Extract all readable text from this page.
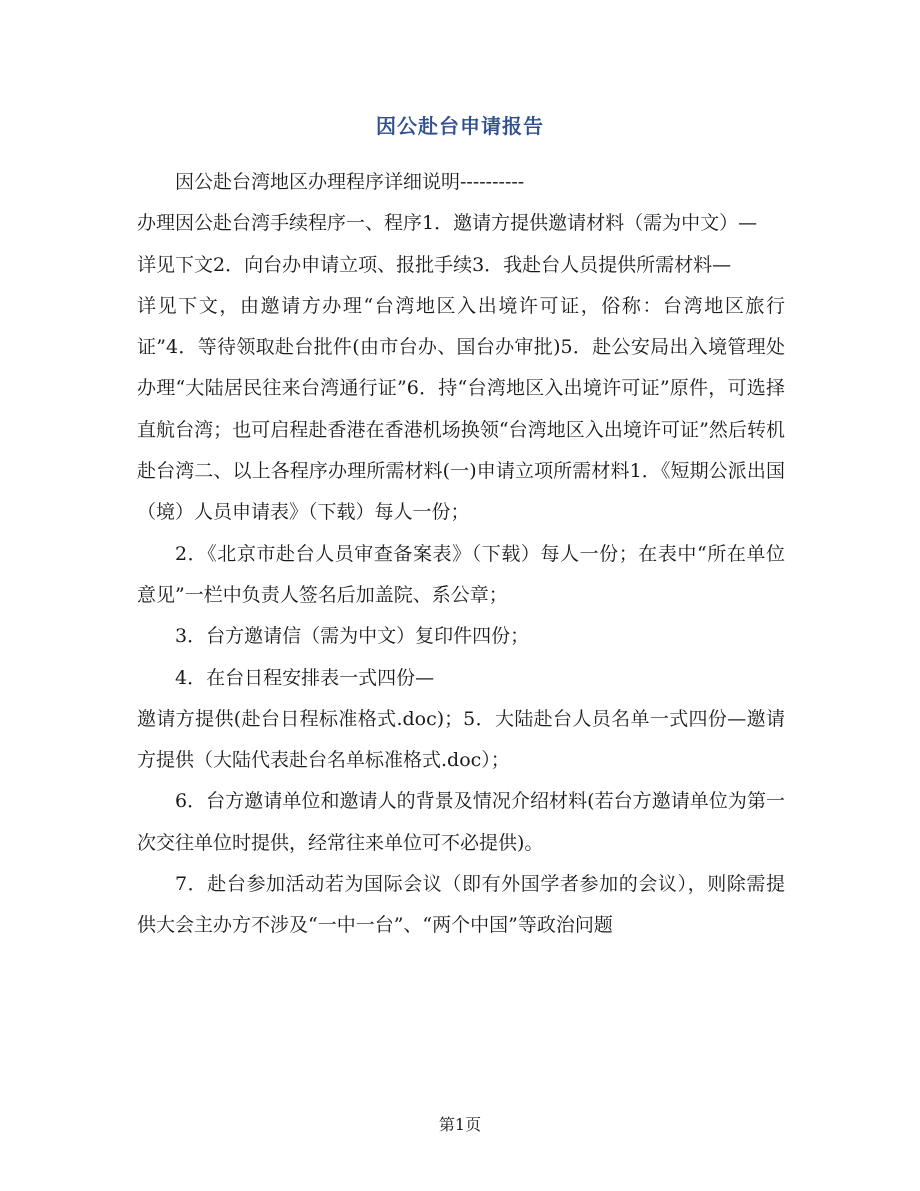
因公赴台申请报告

因公赴台湾地区办理程序详细说明----------

办理因公赴台湾手续程序一、程序1．邀请方提供邀请材料（需为中文）—

详见下文2．向台办申请立项、报批手续3．我赴台人员提供所需材料—

详见下文，由邀请方办理“台湾地区入出境许可证，俗称：台湾地区旅行证”4．等待领取赴台批件(由市台办、国台办审批)5．赴公安局出入境管理处办理“大陆居民往来台湾通行证”6．持“台湾地区入出境许可证”原件，可选择直航台湾；也可启程赴香港在香港机场换领“台湾地区入出境许可证”然后转机赴台湾二、以上各程序办理所需材料(一)申请立项所需材料1．《短期公派出国（境）人员申请表》（下载）每人一份；

2．《北京市赴台人员审查备案表》（下载）每人一份；在表中“所在单位意见”一栏中负责人签名后加盖院、系公章；

3．台方邀请信（需为中文）复印件四份；

4．在台日程安排表一式四份—

邀请方提供(赴台日程标准格式.doc)；5．大陆赴台人员名单一式四份—邀请方提供（大陆代表赴台名单标准格式.doc）；

6．台方邀请单位和邀请人的背景及情况介绍材料(若台方邀请单位为第一次交往单位时提供，经常往来单位可不必提供)。

7．赴台参加活动若为国际会议（即有外国学者参加的会议），则除需提供大会主办方不涉及“一中一台”、“两个中国”等政治问题

第1页
